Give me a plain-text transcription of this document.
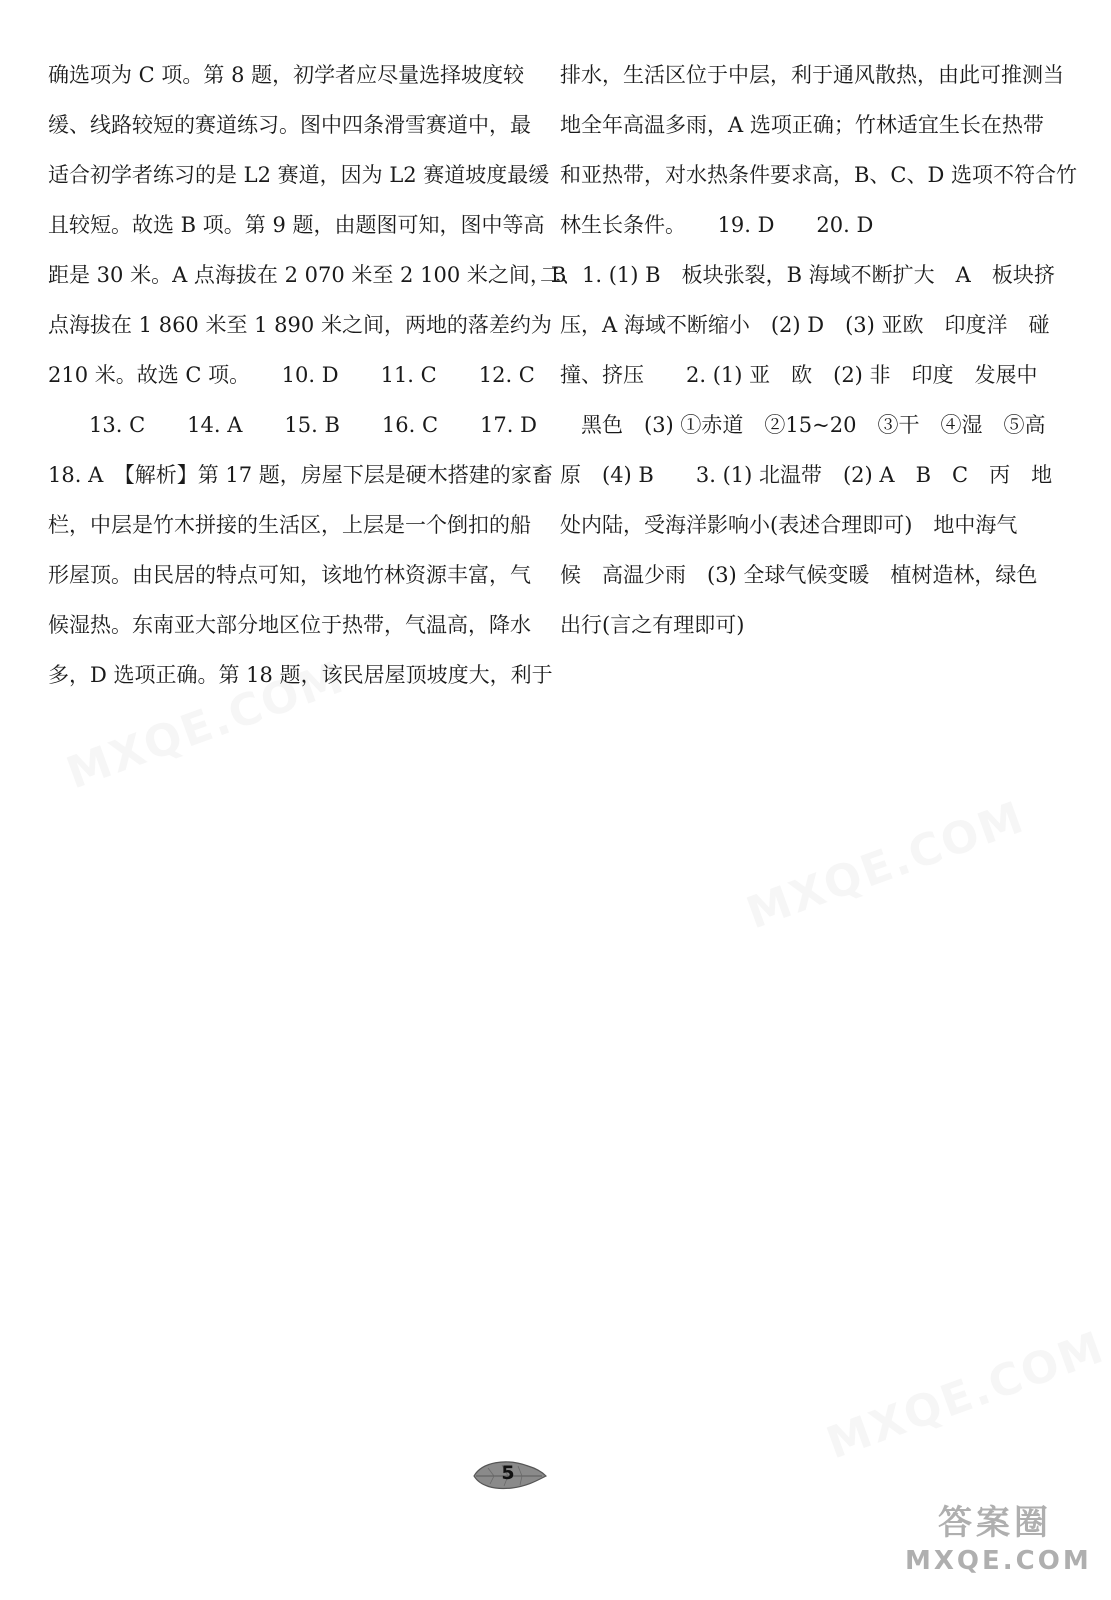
确选项为 C 项。第 8 题，初学者应尽量选择坡度较
缓、线路较短的赛道练习。图中四条滑雪赛道中，最
适合初学者练习的是 L2 赛道，因为 L2 赛道坡度最缓
且较短。故选 B 项。第 9 题，由题图可知，图中等高
距是 30 米。A 点海拔在 2 070 米至 2 100 米之间，B
点海拔在 1 860 米至 1 890 米之间，两地的落差约为
210 米。故选 C 项。　　10. D　　11. C　　12. C
　13. C　　14. A　　15. B　　16. C　　17. D
18. A　【解析】第 17 题，房屋下层是硬木搭建的家畜
栏，中层是竹木拼接的生活区，上层是一个倒扣的船
形屋顶。由民居的特点可知，该地竹林资源丰富，气
候湿热。东南亚大部分地区位于热带，气温高，降水
多，D 选项正确。第 18 题，该民居屋顶坡度大，利于
排水，生活区位于中层，利于通风散热，由此可推测当
地全年高温多雨，A 选项正确；竹林适宜生长在热带
和亚热带，对水热条件要求高，B、C、D 选项不符合竹
林生长条件。　　19. D　　20. D
二、1. (1) B　板块张裂，B 海域不断扩大　A　板块挤
压，A 海域不断缩小　(2) D　(3) 亚欧　印度洋　碰
撞、挤压　　2. (1) 亚　欧　(2) 非　印度　发展中
　黑色　(3) ①赤道　②15~20　③干　④湿　⑤高
原　(4) B　　3. (1) 北温带　(2) A　B　C　丙　地
处内陆，受海洋影响小(表述合理即可)　地中海气
候　高温少雨　(3) 全球气候变暖　植树造林，绿色
出行(言之有理即可)
5
答案圈
MXQE.COM
